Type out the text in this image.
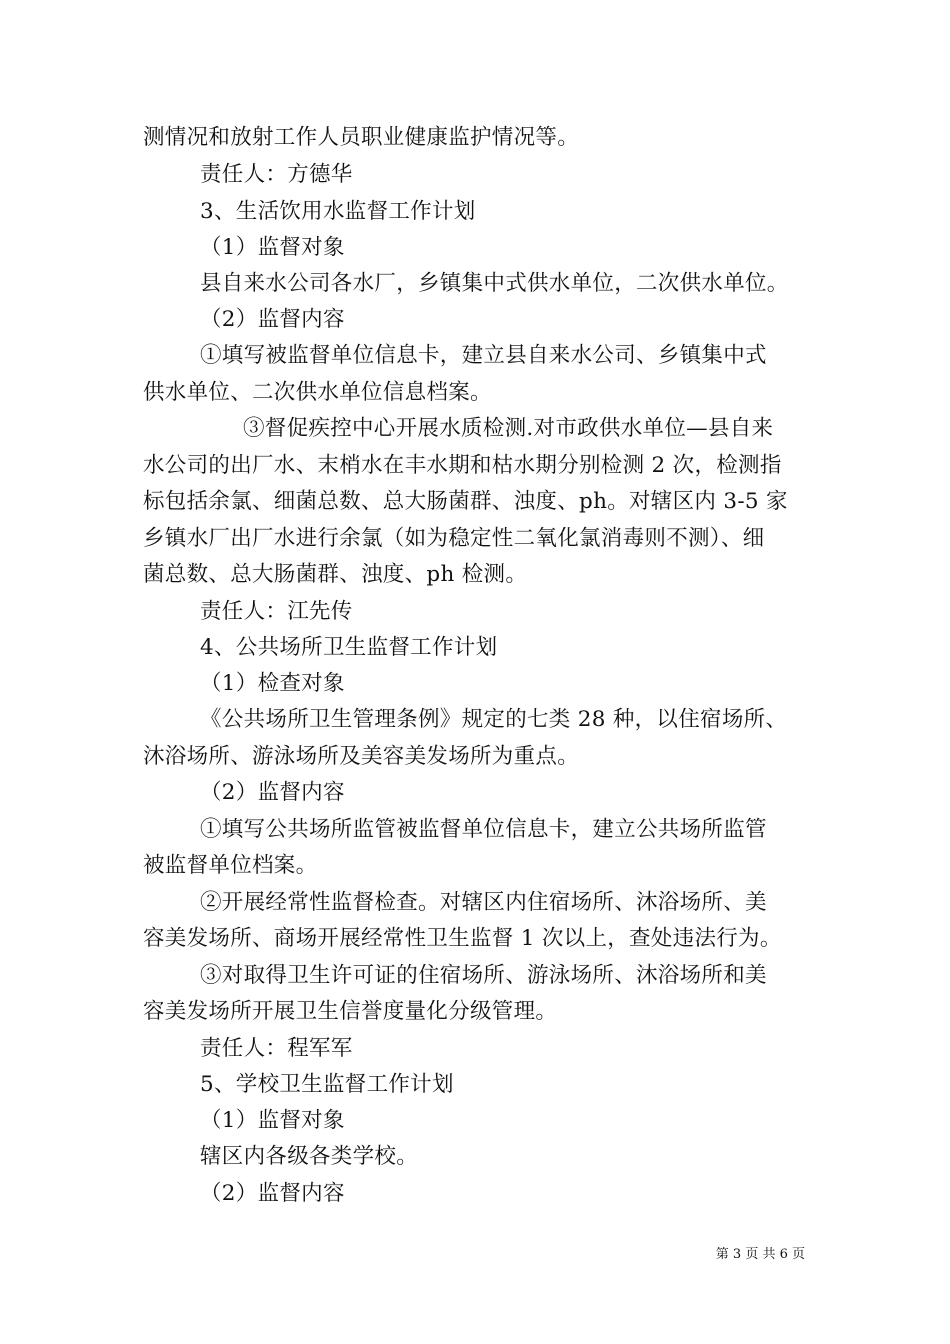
测情况和放射工作人员职业健康监护情况等。
责任人：方德华
3、生活饮用水监督工作计划
（1）监督对象
县自来水公司各水厂，乡镇集中式供水单位，二次供水单位。
（2）监督内容
①填写被监督单位信息卡，建立县自来水公司、乡镇集中式
供水单位、二次供水单位信息档案。
③督促疾控中心开展水质检测.对市政供水单位—县自来
水公司的出厂水、末梢水在丰水期和枯水期分别检测 2 次，检测指
标包括余氯、细菌总数、总大肠菌群、浊度、ph。对辖区内 3-5 家
乡镇水厂出厂水进行余氯（如为稳定性二氧化氯消毒则不测）、细
菌总数、总大肠菌群、浊度、ph 检测。
责任人：江先传
4、公共场所卫生监督工作计划
（1）检查对象
《公共场所卫生管理条例》规定的七类 28 种，以住宿场所、
沐浴场所、游泳场所及美容美发场所为重点。
（2）监督内容
①填写公共场所监管被监督单位信息卡，建立公共场所监管
被监督单位档案。
②开展经常性监督检查。对辖区内住宿场所、沐浴场所、美
容美发场所、商场开展经常性卫生监督 1 次以上，查处违法行为。
③对取得卫生许可证的住宿场所、游泳场所、沐浴场所和美
容美发场所开展卫生信誉度量化分级管理。
责任人：程军军
5、学校卫生监督工作计划
（1）监督对象
辖区内各级各类学校。
（2）监督内容
第 3 页 共 6 页
